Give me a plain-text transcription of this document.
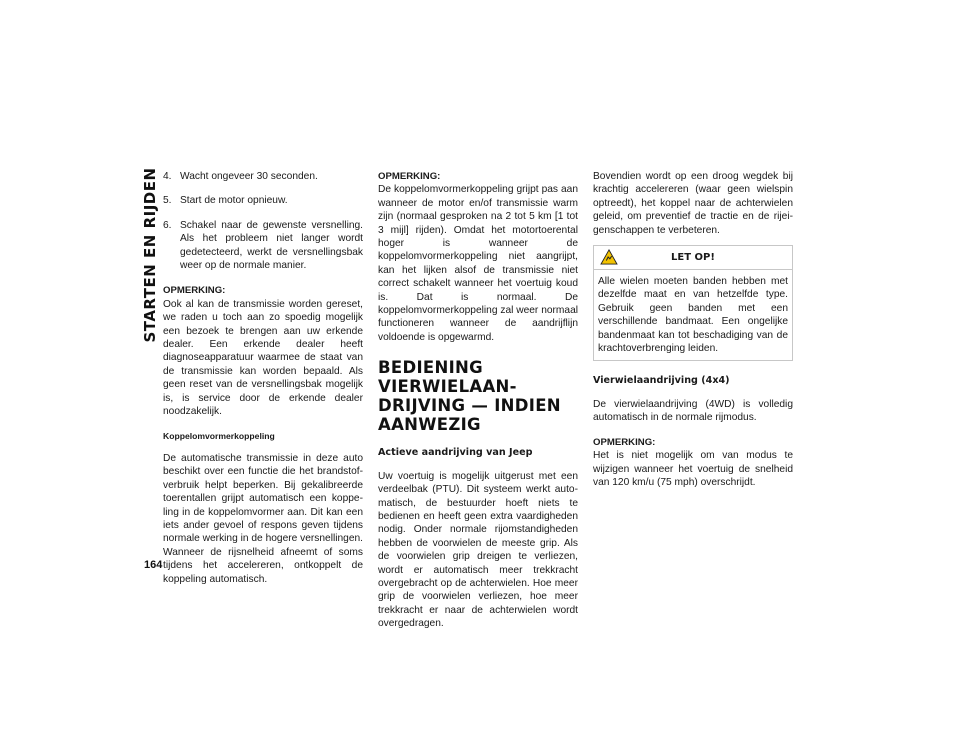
STARTEN EN RIJDEN
164
4. Wacht ongeveer 30 seconden.
5. Start de motor opnieuw.
6. Schakel naar de gewenste versnelling. Als het probleem niet langer wordt gedetecteerd, werkt de versnellingsbak weer op de normale manier.
OPMERKING:

Ook al kan de transmissie worden gereset, we raden u toch aan zo spoedig mogelijk een bezoek te brengen aan uw erkende dealer. Een erkende dealer heeft diagnoseapparatuur waarmee de staat van de transmissie kan worden bepaald. Als geen reset van de versnellingsbak mogelijk is, is service door de erkende dealer noodzakelijk.

Koppelomvormerkoppeling

De automatische transmissie in deze auto beschikt over een functie die het brandstofverbruik helpt beperken. Bij gekalibreerde toerentallen grijpt automatisch een koppeling in de koppelomvormer aan. Dit kan een iets ander gevoel of respons geven tijdens normale werking in de hogere versnellingen. Wanneer de rijsnelheid afneemt of soms tijdens het accelereren, ontkoppelt de koppeling automatisch.

OPMERKING:

De koppelomvormerkoppeling grijpt pas aan wanneer de motor en/of transmissie warm zijn (normaal gesproken na 2 tot 5 km [1 tot 3 mijl] rijden). Omdat het motortoerental hoger is wanneer de koppelomvormerkoppeling niet aangrijpt, kan het lijken alsof de transmissie niet correct schakelt wanneer het voertuig koud is. Dat is normaal. De koppelomvormerkoppeling zal weer normaal functioneren wanneer de aandrijflijn voldoende is opgewarmd.

BEDIENING VIERWIELAAN-
DRIJVING — INDIEN
AANWEZIG
Actieve aandrijving van Jeep

Uw voertuig is mogelijk uitgerust met een verdeelbak (PTU). Dit systeem werkt automatisch, de bestuurder hoeft niets te bedienen en heeft geen extra vaardigheden nodig. Onder normale rijomstandigheden hebben de voorwielen de meeste grip. Als de voorwielen grip dreigen te verliezen, wordt er automatisch meer trekkracht overgebracht op de achterwielen. Hoe meer grip de voorwielen verliezen, hoe meer trekkracht er naar de achterwielen wordt overgedragen.

Bovendien wordt op een droog wegdek bij krachtig accelereren (waar geen wielspin optreedt), het koppel naar de achterwielen geleid, om preventief de tractie en de rijeigenschappen te verbeteren.

LET OP!

Alle wielen moeten banden hebben met dezelfde maat en van hetzelfde type. Gebruik geen banden met een verschillende bandmaat. Een ongelijke bandenmaat kan tot beschadiging van de krachtoverbrenging leiden.

Vierwielaandrijving (4x4)

De vierwielaandrijving (4WD) is volledig automatisch in de normale rijmodus.

OPMERKING:

Het is niet mogelijk om van modus te wijzigen wanneer het voertuig de snelheid van 120 km/u (75 mph) overschrijdt.
